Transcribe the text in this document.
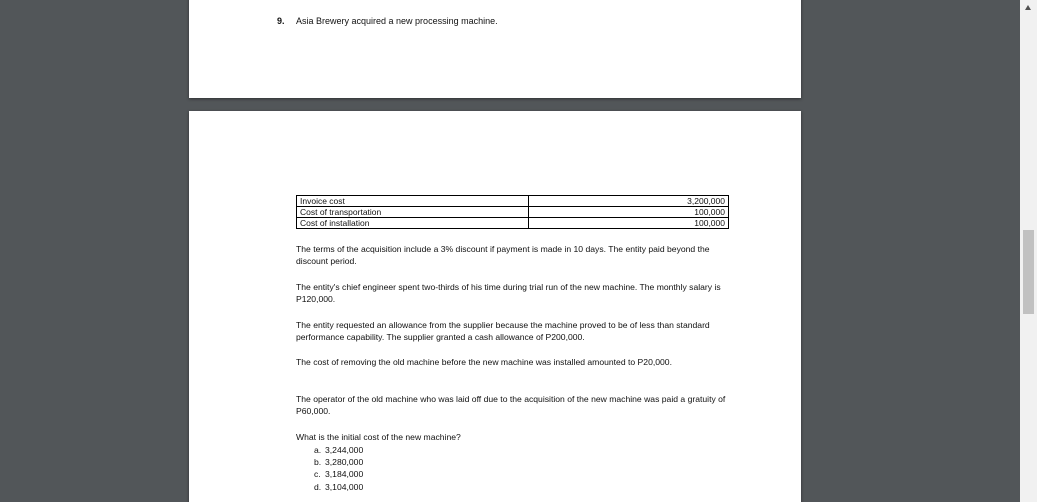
9. Asia Brewery acquired a new processing machine.
Invoice cost	3,200,000
Cost of transportation	100,000
Cost of installation	100,000

The terms of the acquisition include a 3% discount if payment is made in 10 days. The entity paid beyond the discount period.

The entity's chief engineer spent two-thirds of his time during trial run of the new machine. The monthly salary is P120,000.

The entity requested an allowance from the supplier because the machine proved to be of less than standard performance capability. The supplier granted a cash allowance of P200,000.

The cost of removing the old machine before the new machine was installed amounted to P20,000.

The operator of the old machine who was laid off due to the acquisition of the new machine was paid a gratuity of P60,000.

What is the initial cost of the new machine?

a. 3,244,000
b. 3,280,000
c. 3,184,000
d. 3,104,000
